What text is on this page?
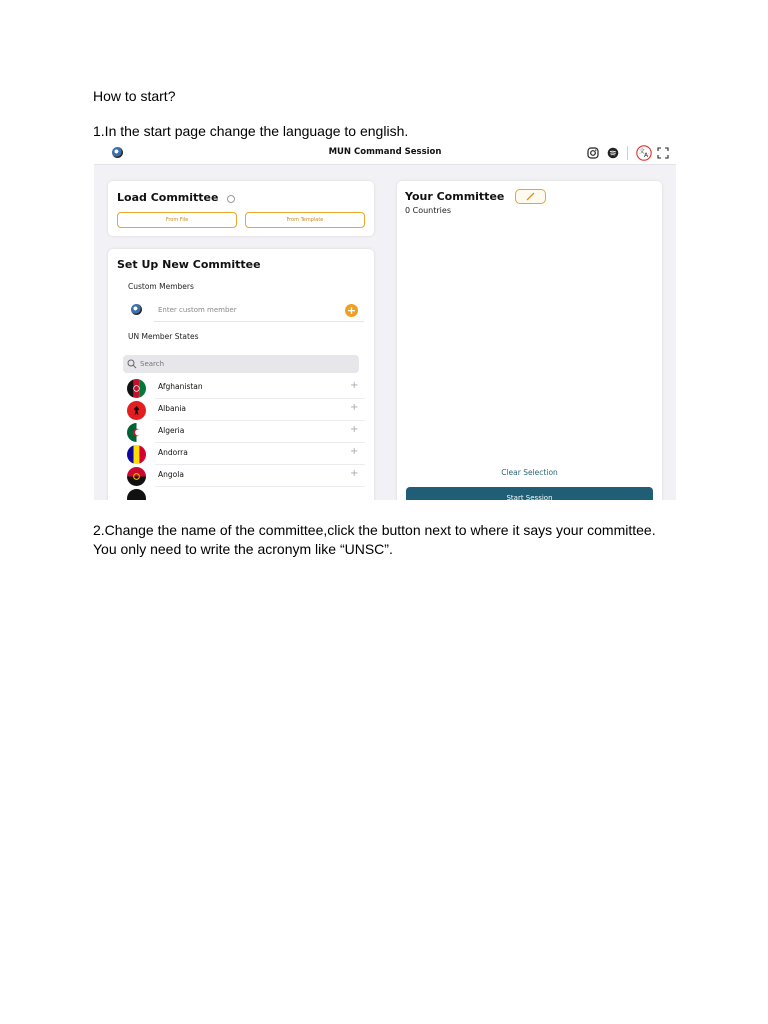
How to start?
1.In the start page change the language to english.
MUN Command Session	文 A
Load Committee
From File	From Template
Set Up New Committee
Custom Members
Enter custom member
+
UN Member States
Search
Afghanistan	+
Albania	+
Algeria	+
Andorra	+
Angola	+
Your Committee
0 Countries
Clear Selection
Start Session
2.Change the name of the committee,click the button next to where it says your committee.
You only need to write the acronym like “UNSC”.
